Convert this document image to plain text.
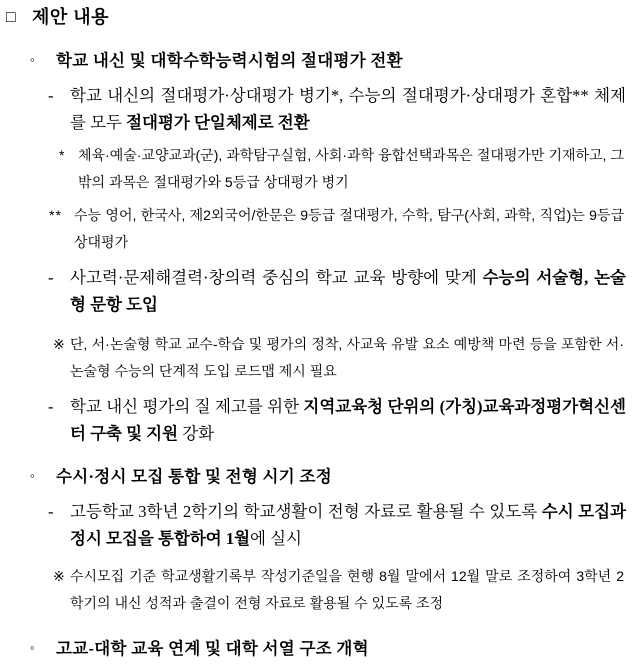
□ 제안 내용

◦ 학교 내신 및 대학수학능력시험의 절대평가 전환

- 학교 내신의 절대평가·상대평가 병기*, 수능의 절대평가·상대평가 혼합** 체제를 모두 절대평가 단일체제로 전환

* 체육·예술·교양교과(군), 과학탐구실험, 사회·과학 융합선택과목은 절대평가만 기재하고, 그 밖의 과목은 절대평가와 5등급 상대평가 병기

** 수능 영어, 한국사, 제2외국어/한문은 9등급 절대평가, 수학, 탐구(사회, 과학, 직업)는 9등급 상대평가

- 사고력·문제해결력·창의력 중심의 학교 교육 방향에 맞게 수능의 서술형, 논술형 문항 도입

※ 단, 서·논술형 학교 교수-학습 및 평가의 정착, 사교육 유발 요소 예방책 마련 등을 포함한 서·논술형 수능의 단계적 도입 로드맵 제시 필요

- 학교 내신 평가의 질 제고를 위한 지역교육청 단위의 (가칭)교육과정평가혁신센터 구축 및 지원 강화

◦ 수시·정시 모집 통합 및 전형 시기 조정

- 고등학교 3학년 2학기의 학교생활이 전형 자료로 활용될 수 있도록 수시 모집과 정시 모집을 통합하여 1월에 실시

※ 수시모집 기준 학교생활기록부 작성기준일을 현행 8월 말에서 12월 말로 조정하여 3학년 2학기의 내신 성적과 출결이 전형 자료로 활용될 수 있도록 조정

◦ 고교-대학 교육 연계 및 대학 서열 구조 개혁
